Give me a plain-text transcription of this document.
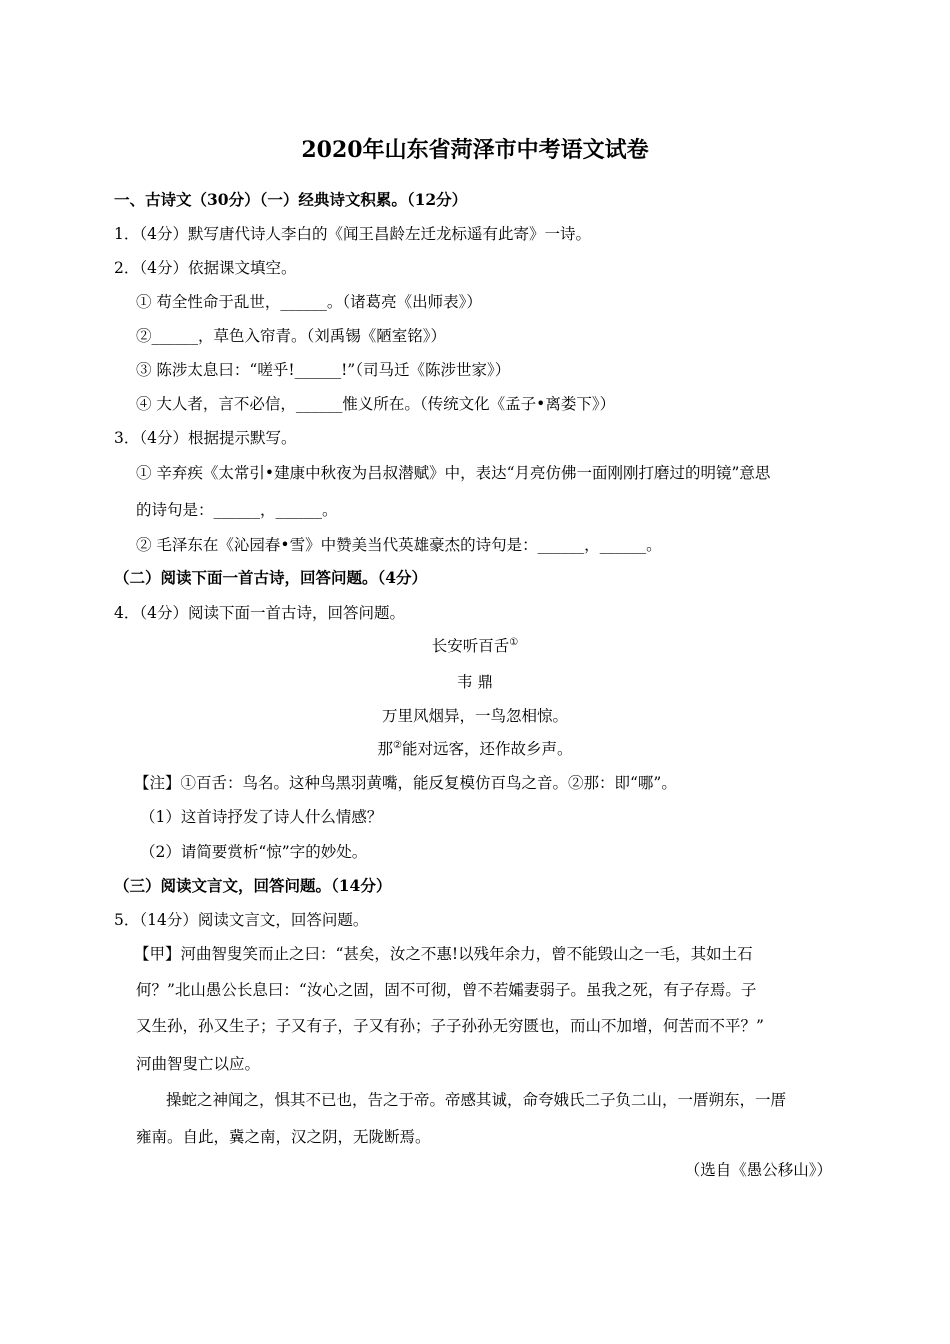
2020年山东省菏泽市中考语文试卷
一、古诗文（30分）（一）经典诗文积累。（12分）
1．（4分）默写唐代诗人李白的《闻王昌龄左迁龙标遥有此寄》一诗。
2．（4分）依据课文填空。
① 苟全性命于乱世，______。（诸葛亮《出师表》）
②______，草色入帘青。（刘禹锡《陋室铭》）
③ 陈涉太息曰：“嗟乎!______!”（司马迁《陈涉世家》）
④ 大人者，言不必信，______惟义所在。（传统文化《孟子•离娄下》）
3．（4分）根据提示默写。
① 辛弃疾《太常引•建康中秋夜为吕叔潜赋》中，表达“月亮仿佛一面刚刚打磨过的明镜”意思
的诗句是：______，______。
② 毛泽东在《沁园春•雪》中赞美当代英雄豪杰的诗句是：______，______。
（二）阅读下面一首古诗，回答问题。（4分）
4．（4分）阅读下面一首古诗，回答问题。
长安听百舌①
韦 鼎
万里风烟异，一鸟忽相惊。
那②能对远客，还作故乡声。
【注】①百舌：鸟名。这种鸟黑羽黄嘴，能反复模仿百鸟之音。②那：即“哪”。
（1）这首诗抒发了诗人什么情感？
（2）请简要赏析“惊”字的妙处。
（三）阅读文言文，回答问题。（14分）
5．（14分）阅读文言文，回答问题。
【甲】河曲智叟笑而止之曰：“甚矣，汝之不惠!以残年余力，曾不能毁山之一毛，其如土石
何？”北山愚公长息曰：“汝心之固，固不可彻，曾不若孀妻弱子。虽我之死，有子存焉。子
又生孙，孙又生子；子又有子，子又有孙；子子孙孙无穷匮也，而山不加增，何苦而不平？”
河曲智叟亡以应。
操蛇之神闻之，惧其不已也，告之于帝。帝感其诚，命夸娥氏二子负二山，一厝朔东，一厝
雍南。自此，冀之南，汉之阴，无陇断焉。
（选自《愚公移山》）
